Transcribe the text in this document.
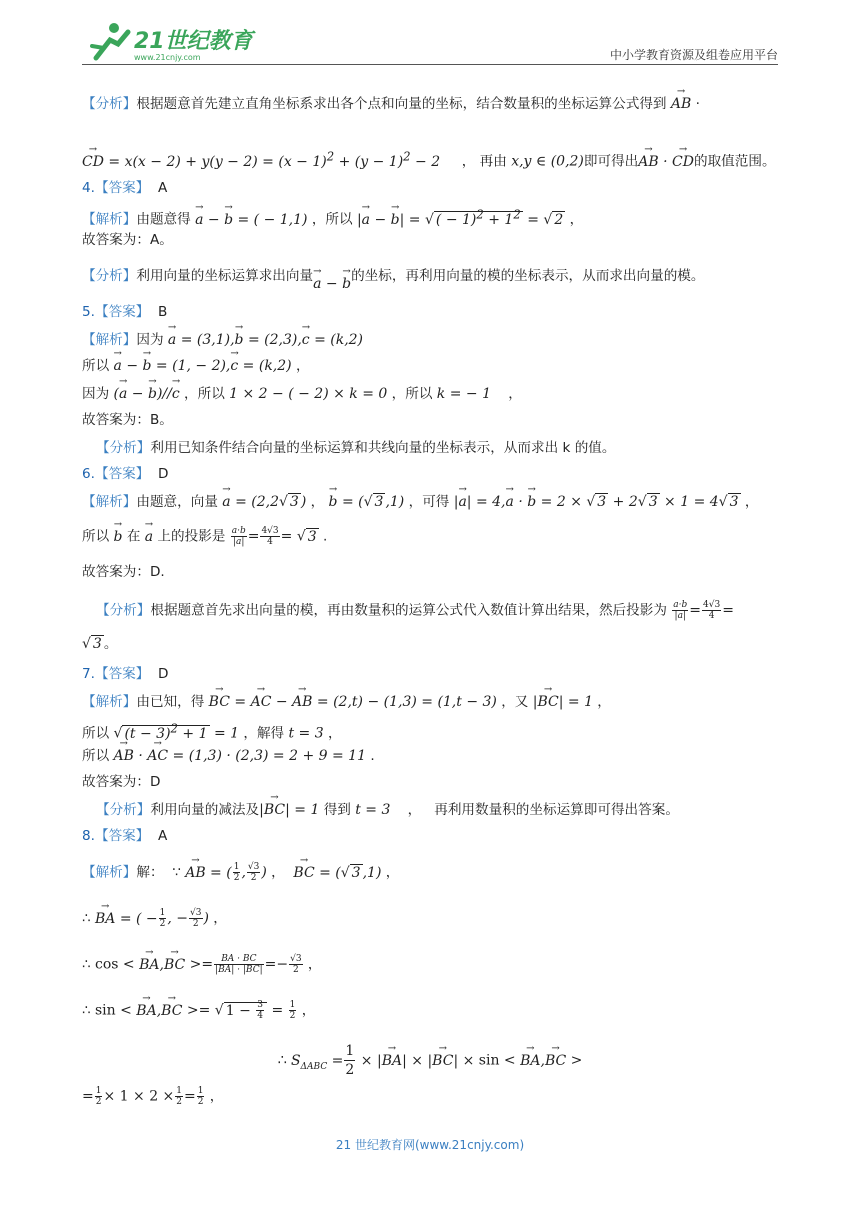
21世纪教育
www.21cnjy.com	中小学教育资源及组卷应用平台
【分析】根据题意首先建立直角坐标系求出各个点和向量的坐标，结合数量积的坐标运算公式得到 → AB ·
→ CD = $x(x - 2) + y(y - 2) = (x - 1)^2 + (y - 1)^2 - 2$     ， 再由 x,y ∈ (0,2)即可得出→ AB · → CD的取值范围。
4.【答案】 A
【解析】由题意得 → a − → b = ( − 1,1) ，所以 |→ a − → b| = √ ( − $1)^2 + 1^2$ = √ 2 ，
故答案为：A。
【分析】利用向量的坐标运算求出向量→ a − → b的坐标，再利用向量的模的坐标表示，从而求出向量的模。
5.【答案】 B
【解析】因为 → a = (3,1),→ b = (2,3),→ c = (k,2)
所以 → a − → b = (1, − 2),→ c = (k,2) ，
因为 (→ a − → b)//→ c ，所以 1 × 2 − ( − 2) × k = 0 ，所以 k = − 1    ，
故答案为：B。
【分析】利用已知条件结合向量的坐标运算和共线向量的坐标表示，从而求出 k 的值。
6.【答案】 D
【解析】由题意，向量 → a = (2,2√ 3 ) ， → b = (√ 3 ,1) ，可得 |→ a| = 4,→ a · → b = 2 × √ 3 + 2√ 3 × 1 = 4√ 3 ，
所以 → b 在 → a 上的投影是 $\frac{a\cdot b}{|a|} = \frac{4√3}{4}$ = √ 3 .
故答案为：D.
【分析】根据题意首先求出向量的模，再由数量积的运算公式代入数值计算出结果，然后投影为 $\frac{a\cdot b}{|a|} = \frac{4√3}{4}$ =
√ 3 。
7.【答案】 D
【解析】由已知，得 → BC = → AC − → AB = (2,t) − (1,3) = (1,t − 3) ，又 |→ BC| = 1 ，
所以 √ $(t - 3)^2 + 1 = 1$ ，解得 t = 3 ，
所以 → AB · → AC = (1,3) · (2,3) = 2 + 9 = 11 .
故答案为：D
【分析】利用向量的减法及|→ BC| = 1 得到 t = 3    ，   再利用数量积的坐标运算即可得出答案。
8.【答案】 A
【解析】解： ∵ → AB = ( $\frac{1}{2}$ , $\frac{√3}{2}$ ) ，  → BC = (√ 3 ,1) ，
∴ → BA = ( − $\frac{1}{2}$ , − $\frac{√3}{2}$ ) ，
∴ cos < → BA,→ BC >= $\frac{BA \cdot BC}{|BA| \cdot |BC|} =- \frac{√3}{2}$ ，
∴ sin < → BA,→ BC >= √ $1 - \frac{3}{4} = \frac{1}{2}$ ，
∴ $S_{\Delta ABC} = \frac{1}{2}$ × |→ BA| × |→ BC| × sin < → BA,→ BC >
= $\frac{1}{2} \times 1 \times 2 \times \frac{1}{2} = \frac{1}{2}$ ，
21 世纪教育网(www.21cnjy.com)
